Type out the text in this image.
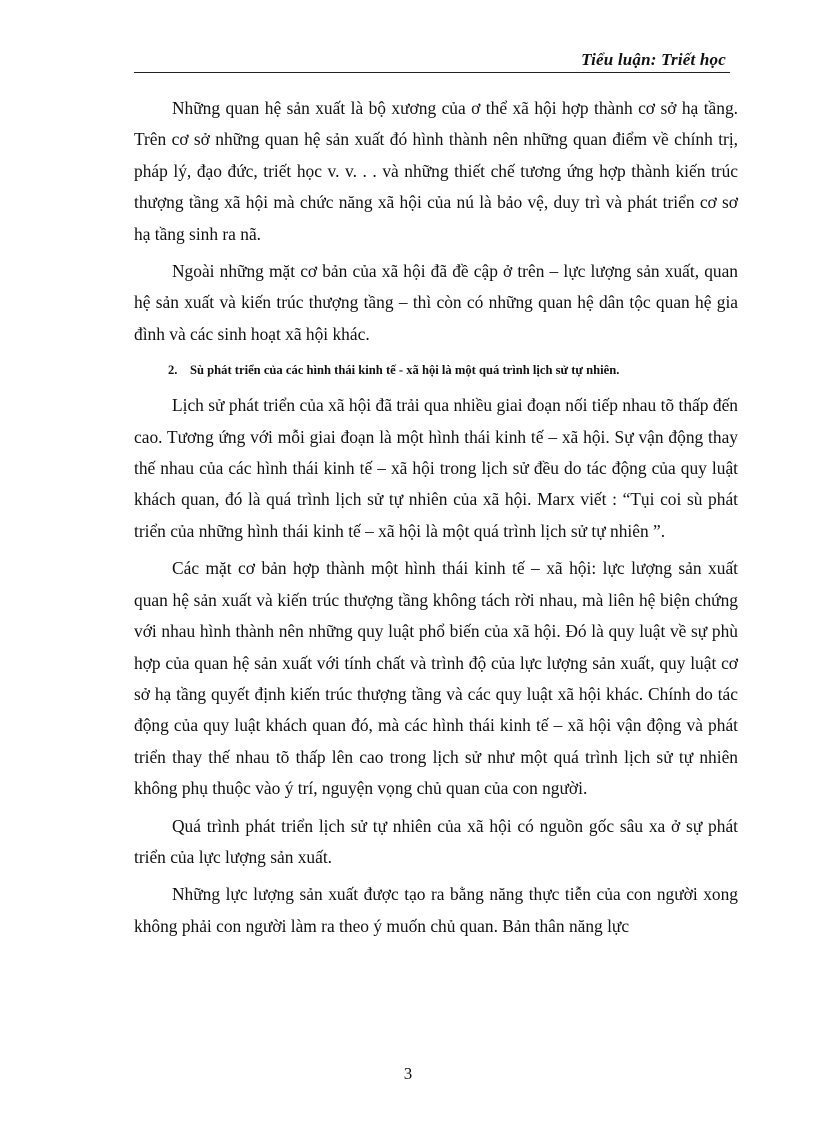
Tiểu luận: Triết học

Những quan hệ sản xuất là bộ xương của ơ thể xã hội hợp thành cơ sở hạ tầng. Trên cơ sở những quan hệ sản xuất đó hình thành nên những quan điểm về chính trị, pháp lý, đạo đức, triết học v. v. . . và những thiết chế tương ứng hợp thành kiến trúc thượng tầng xã hội mà chức năng xã hội của nú là bảo vệ, duy trì và phát triển cơ sơ hạ tầng sinh ra nã.

Ngoài những mặt cơ bản của xã hội đã đề cập ở trên – lực lượng sản xuất, quan hệ sản xuất và kiến trúc thượng tầng – thì còn có những quan hệ dân tộc quan hệ gia đình và các sinh hoạt xã hội khác.

2. Sù phát triển của các hình thái kinh tế - xã hội là một quá trình lịch sử tự nhiên.

Lịch sử phát triển của xã hội đã trải qua nhiều giai đoạn nối tiếp nhau tõ thấp đến cao. Tương ứng với mỗi giai đoạn là một hình thái kinh tế – xã hội. Sự vận động thay thế nhau của các hình thái kinh tế – xã hội trong lịch sử đều do tác động của quy luật khách quan, đó là quá trình lịch sử tự nhiên của xã hội. Marx viết : “Tụi coi sù phát triển của những hình thái kinh tế – xã hội là một quá trình lịch sử tự nhiên ”.

Các mặt cơ bản hợp thành một hình thái kinh tế – xã hội: lực lượng sản xuất quan hệ sản xuất và kiến trúc thượng tầng không tách rời nhau, mà liên hệ biện chứng với nhau hình thành nên những quy luật phổ biến của xã hội. Đó là quy luật về sự phù hợp của quan hệ sản xuất với tính chất và trình độ của lực lượng sản xuất, quy luật cơ sở hạ tầng quyết định kiến trúc thượng tầng và các quy luật xã hội khác. Chính do tác động của quy luật khách quan đó, mà các hình thái kinh tế – xã hội vận động và phát triển thay thế nhau tõ thấp lên cao trong lịch sử như một quá trình lịch sử tự nhiên không phụ thuộc vào ý trí, nguyện vọng chủ quan của con người.

Quá trình phát triển lịch sử tự nhiên của xã hội có nguồn gốc sâu xa ở sự phát triển của lực lượng sản xuất.

Những lực lượng sản xuất được tạo ra bằng năng thực tiễn của con người xong không phải con người làm ra theo ý muốn chủ quan. Bản thân năng lực

3
